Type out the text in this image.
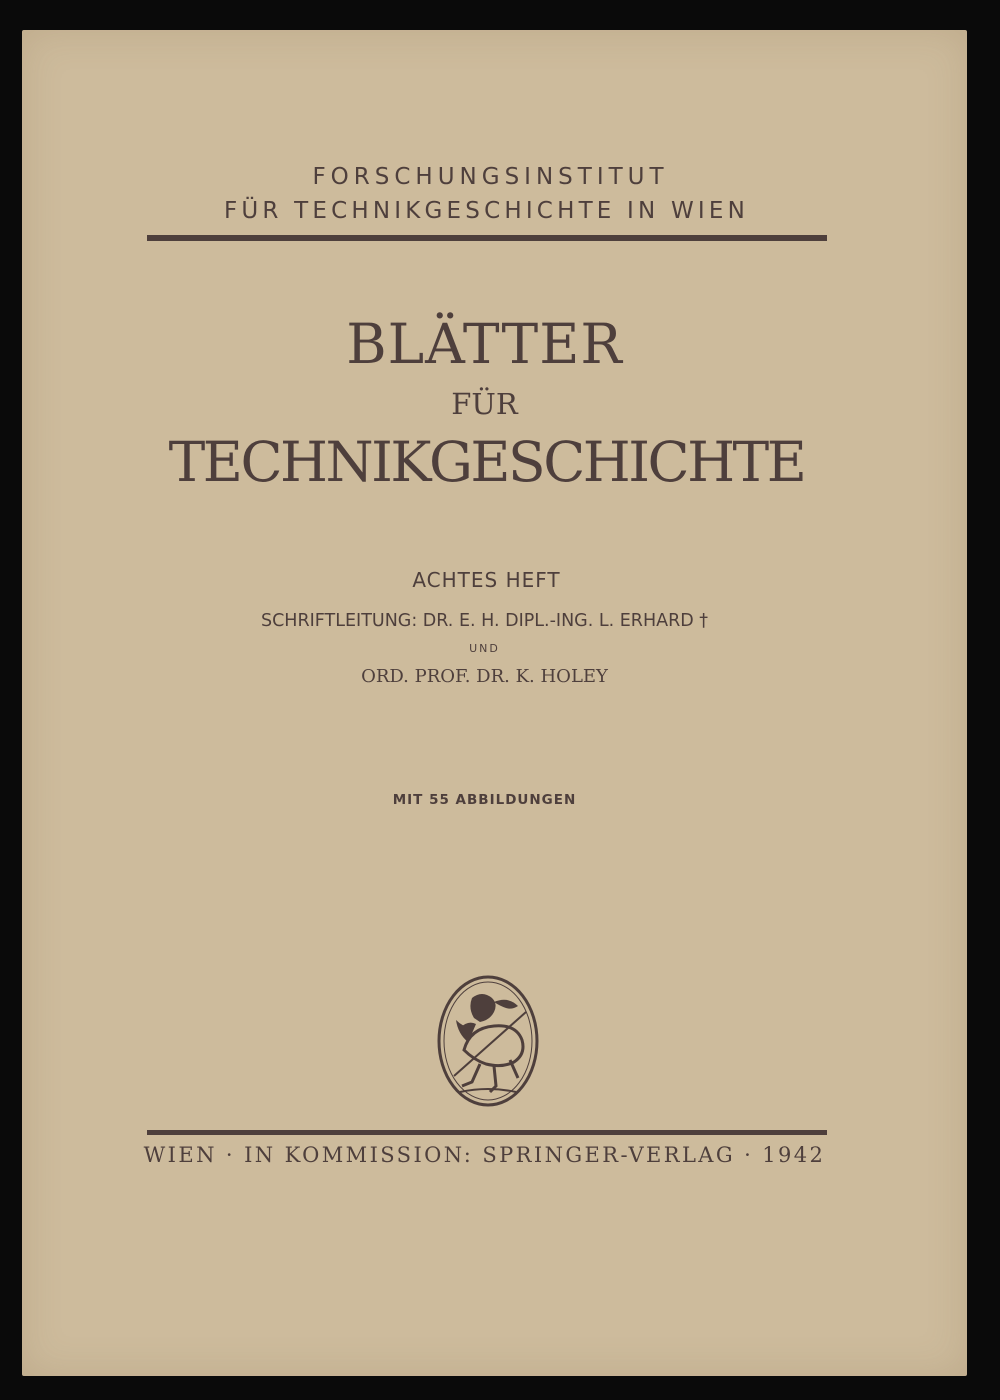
FORSCHUNGSINSTITUT
FÜR TECHNIKGESCHICHTE IN WIEN
BLÄTTER
FÜR
TECHNIKGESCHICHTE
ACHTES HEFT
SCHRIFTLEITUNG: DR. E. H. DIPL.-ING. L. ERHARD †
UND
ORD. PROF. DR. K. HOLEY
MIT 55 ABBILDUNGEN
WIEN · IN KOMMISSION: SPRINGER-VERLAG · 1942
